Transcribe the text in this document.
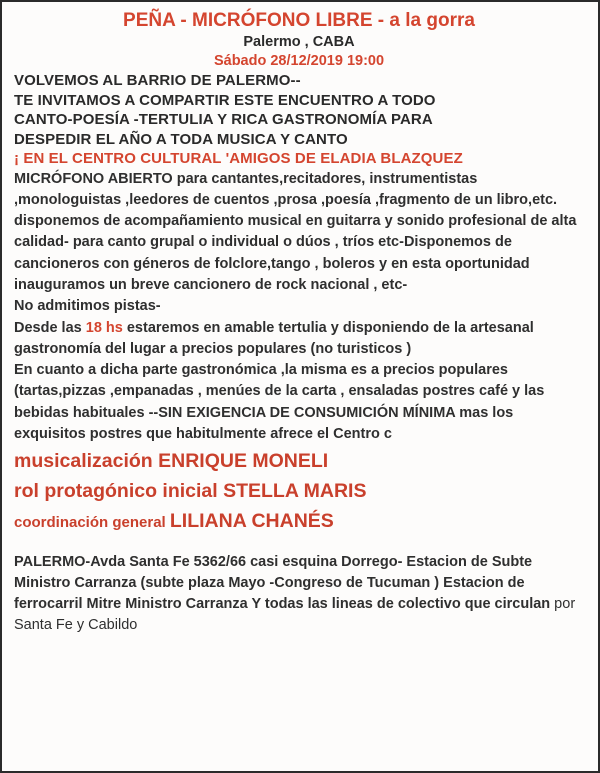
PEÑA - MICRÓFONO LIBRE - a la gorra
Palermo , CABA
Sábado 28/12/2019 19:00
VOLVEMOS AL BARRIO DE PALERMO--
TE INVITAMOS A COMPARTIR ESTE ENCUENTRO A TODO
CANTO-POESÍA -TERTULIA Y RICA GASTRONOMÍA PARA
DESPEDIR EL AÑO A TODA MUSICA Y CANTO
¡ EN EL CENTRO CULTURAL 'AMIGOS DE ELADIA BLAZQUEZ

MICRÓFONO ABIERTO para cantantes,recitadores, instrumentistas ,monologuistas ,leedores de cuentos ,prosa ,poesía ,fragmento de un libro,etc.

disponemos de acompañamiento musical en guitarra y sonido profesional de alta calidad- para canto grupal o individual o dúos , tríos etc-Disponemos de cancioneros con géneros de folclore,tango , boleros y en esta oportunidad inauguramos un breve cancionero de rock nacional , etc-

No admitimos pistas-

Desde las 18 hs estaremos en amable tertulia y disponiendo de la artesanal gastronomía del lugar a precios populares (no turisticos )

En cuanto a dicha parte gastronómica ,la misma es a precios populares (tartas,pizzas ,empanadas , menúes de la carta , ensaladas postres café y las bebidas habituales --SIN EXIGENCIA DE CONSUMICIÓN MÍNIMA mas los exquisitos postres que habitulmente afrece el Centro c

musicalización ENRIQUE MONELI

rol protagónico inicial STELLA MARIS

coordinación general LILIANA CHANÉS

PALERMO-Avda Santa Fe 5362/66 casi esquina Dorrego- Estacion de Subte Ministro Carranza (subte plaza Mayo -Congreso de Tucuman ) Estacion de ferrocarril Mitre Ministro Carranza Y todas las lineas de colectivo que circulan por Santa Fe y Cabildo
